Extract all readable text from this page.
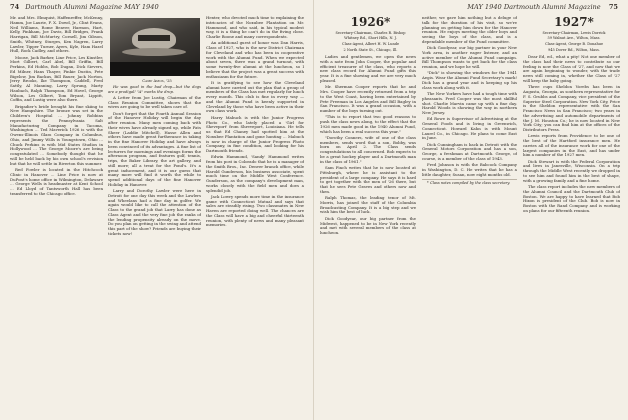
74 Dartmouth Alumni Magazine MAY 1940

Mr. and Mrs. Elmquist, Haffenreffer, McKenny, Hamm, Joe Laurie, F. X. Dowd, Jr., Clint Evans, Neil Williams, Rome Beaver, Harmon, Hart, Kelly, Pinkham, Joe Davis, Bill Bridges, Frank Harrigan, Bill McMurtry, Cornell, Jim Gibson, Smith, Whitney, Sturges, Ken Nagren, Larry Lawler, Tipper Turner, Ayers, Kyle, Ham Hazel Hull, Rock Cadley, and others.

Moose, Jack Barker, Line Price, Les Kinstler, Mort Gilbert, Carl Abel, Bill Griffin, Bill Perkins, Ed Hobbs, Bob Dugan, Dick Sievers, Ed Milner, Hans Thayer, Pinkie Dustin, Pete Bigelow, Jim Backus, Bill Bauer, Jack Norton, Jerry Brooks, Ike Thompson, Caddell, Fred Sattly, Al Manning, Larry Sprung, Marty Haubach, Ralph Thompson, Ed Hovel, George Wilson, Les Gilbert, Tom Bryant, Lippitt, Coffin, and Lustig were also there.

Brigadier's bride brought his fine skiing to New Hampshire. The bronze was set in the Children's Hospital ... Johnny Robbins represents the Pennsylvania Salt Manufacturing Company in Tacoma, Washington ... Ted Maverick 1926 is with the Owens-Illinois Glass Company in Columbus, Ohio, and Jimmy Wills is Youngstown, Ohio ... Chuck Perkins is with Mid States Studios in Hollywood ... The George Moore's are being congratulated ... Somebody thought that he will be held back by his own school's revision but that he will settle in Riverton this summer.

Red Fowler is located in the Hitchcock Clinic in Hanover ... Line Price is now at DuPont's home office in Wilmington, Delaware ... George Wells is headmaster at Kent School ... Ed Lloyd of Tantsworth Hall has been transferred to the Chicago office.

Camp Amos, '25

He was good in the bad drop—but the dogs are a prodigal! "A" marks the drop.

A Letter from Joe Lustig, Chairman of the Class Reunion Committee, shows that the wives are going to be well taken care of.

Don't forget that the Fourth Annual Session of the Hanover Holiday will begin the day after reunion. Many men coming back with their wives have already signed up, while Fats Sheer (Laddie Mitchell), Hasse Allen and others have made great furtherance in taking in the fine Hanover Holiday and have always been convinced of its advantages. A fine list of lecturers for mornings and evenings forms the afternoon program, and features golf, tennis, trips, the Baker Library, the art gallery, and still more; all a treat for the Pond's. It's a great inducement, and it is our guess that many more will find it worth the while to spend additional days of the fine Hanover Holiday in Hanover.

Larry and Dorothy Lawler were here in Detroit for one day this week and the Lawlers and Wheelans had a fine day in golfer. We again would like to call the attention of the Class to the grand job that Larry has done as Class Agent and the very fine job the ranks of the lending propensity already on the move. Do you plan on getting in the swing and attend this part of the show? Friends are buying their tickets now!

Hexter, who devoted much time to explaining the intricacies of the Noxubee Plantation on Mr. Hammond, and who said, in his typical modest way, it is a thing he can't do in the fiving close. Charlie Boone and many correspondents.

An additional guest of honor was Dan Harris, Class of 1927, who is the new District Chairman for Cleveland and who has been in cooperative work with the Alumni Fund. When we expected about seven, there was a grand turnout, with some twenty-five alumni at the luncheon, so I believe that the project was a great success with enthusiasm for the future.

It is gratifying to see how the Cleveland alumni have carried out the plan that a group of members of the Class has met regularly for lunch every month. This club is fine in every way — and the Alumni Fund is keenly supported in Cleveland by those who have been active in their own class work.

Harry Mabuch is with the Junior Progress Photo Co., who lately placed a 'Girl for Sheveport' from Shreveport, Louisiana. He tells us that Ed Chaney had spotted him at the Noxubee Plantation and gone hunting ... Mabuch is now in charge of the Junior Progress Photo Company, in fine condition, and looking for his Dartmouth friends.

Edwin Hammond, 'Sandy' Hammond writes from his post in Colorado that he is a manager of the Smith Bros., Inc. Denver branch office, while Harold Gunderson, his business associate, spent much time on the Middle West Conference. Gunderson, as the company's development man, works closely with the field men and does a splendid job.

Jack Lowry spends more time in the insurance game with Connecticut Mutual and says that sales are steadily rising. Two classmates in New Haven are reported doing well. The chances are the Class will have a big and cheerful thirteenth reunion, with plenty of news and many pleasant memories.

MAY 1940 Dartmouth Alumni Magazine 75

1926*

Secretary-Chairman, Charles R. Bishop

Whitney Rd., Short Hills, N. J.

Class-Agent, Albert H. W. Lunde

2 North State St., Chicago, Ill.

Ladies and gentlemen, we open the news with a note from John Cooper, the popular and efficient treasurer of the class, who reports a new class record for Alumni Fund gifts this year. It is a fine showing and we are very much pleased.

Mr. Sherman Cooper reports that he and Mrs. Cooper have recently returned from a trip to the West Coast, having been entertained by Pete Freeman in Los Angeles and Bill Bagley in San Francisco. It was a grand occasion, with a number of the boys turning out.

"This is to report that two good reasons to push the class news along, to the effect that the 1926 men made good in the 1940 Alumni Fund, which has been a real success this year."

"Dorothy Conners, wife of one of the class members, sends word that a son, Bobby, was born on April 2. The Class sends congratulations to all concerned. Bob expects to be a great hockey player and a Dartmouth man in the class of 1961."

Sam Finch writes that he is now located at Pittsburgh, where he is assistant to the president of a large company. He says it is hard to get together with the men of '26 there, but that he sees Pete Graves and others now and then.

Ralph Thomas, the leading tenor of Mt. Morris, has joined the staff of the Columbia Broadcasting Company. It is a big step and we wish him the best of luck.

Dick Goodyear, our big partner from the Midwest, happened to be in New York recently and met with several members of the class at luncheon.

neither, we gave him nothing but a deluge of talk for the duration of his visit, so we're planning on getting him down for the Hanover reunion. He enjoys meeting the older boys and seeing the boys of the class, and is a dependable member of the Fund committee.

Dick Goodyear, our big partner in your New York area, is another eager listener, and an active member of the Alumni Fund campaign. Bill Thompson wants to get back for the class reunion, and we hope he will.

"Dick" is showing the windows for the 1941 Aegis. Wear the Alumni Fund Secretary's mark! Dick has a grand year and is keeping up his class work along with it.

The New Yorkers have had a tough time with pheasants. Fred Cooper was the most skillful shot. Charlie Marvin came up with a fine day. Harold Woods is showing the way in northern New Jersey.

Ed Rowe is Supervisor of Advertising at the General Foods and is living in Greenwich, Connecticut. Howard Kahn is with Mount Laurel Co., in Chicago. He plans to come East in June.

Dick Cunningham is back in Detroit with the General Motors Corporation and has a son, George, a freshman at Dartmouth. George, of course, is a member of the class of 1943.

Fred Johnson is with the Babcock Company in Washington, D. C. He writes that he has a little daughter, Susan, now eight months old.

* Class notes compiled by the class secretary.

1927*

Secretary-Chairman, Lewis Dorrick

59 Walnut Ave., Wilton, Mass.

Class-Agent, George B. Donahue

945 Dover Rd., Wilton, Mass.

Dear Ed, ed., what a pity! Not one member of the class had their news to contribute so our feeling is now the Class of '27, and now that we are again beginning to wonder, with the trade news still coming in, whether the Class of '27 will keep the baby going.

Three cups Sheldon Vorebs has been in Augusta, Georgia, as southern representative for F. S. Grubbs and Company, vice president of the Superior Steel Corporation. New York City, Price is the Sheldon representative with the San Francisco News in San Francisco; two years in the advertising and automobile departments of the J. M. Houston Co.; he is now located in New York City; you can find him at the offices of the Distributors Press.

Lewis reports from Providence to be one of the best of the Hartford insurance men. He carries all of the insurance work for one of the largest companies in the East, and has under him a number of the 1927 men.

Dick Stewart is with the Federal Corporation and lives in Janesville, Wisconsin. On a trip through the Middle West recently we dropped in to see him and found him in the best of shape, with a growing family and a fine home.

The class report includes the new members of the Alumni Council and the Dartmouth Club of Boston. We are happy to have learned that Bob Hixon is president of the Club. Bob is now in Boston with the Rand Company and is working on plans for our fifteenth reunion.
